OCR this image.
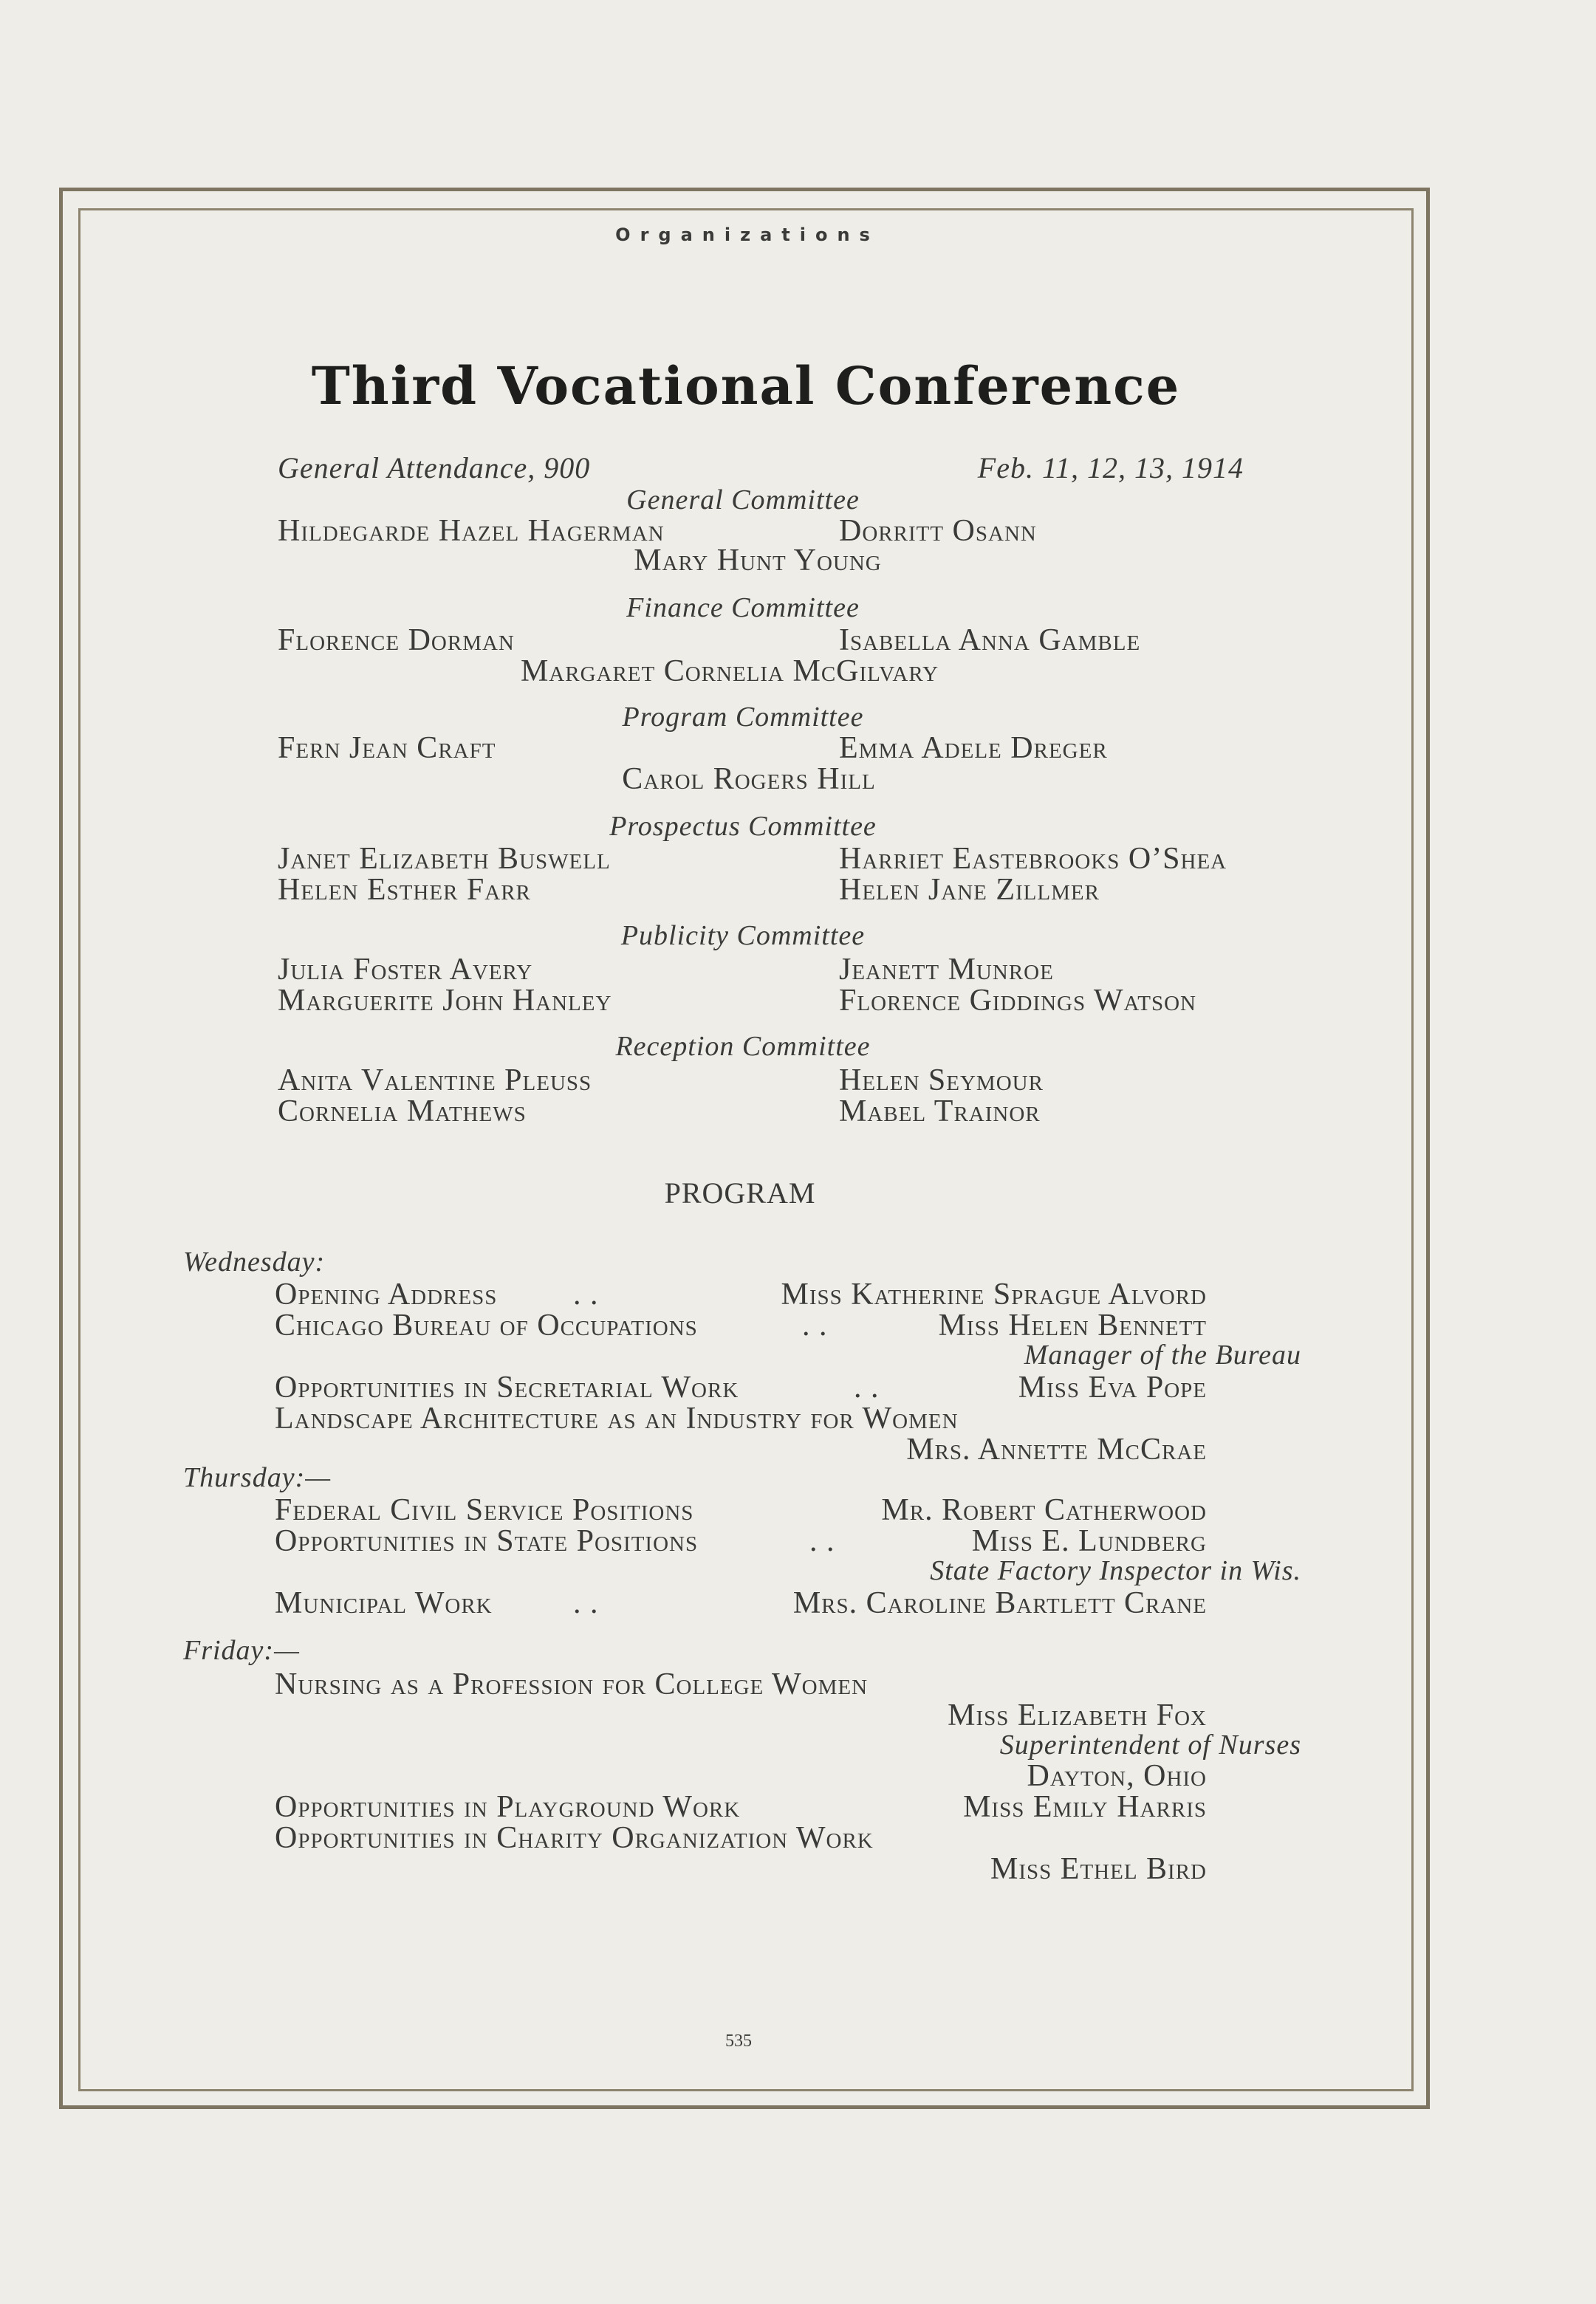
Organizations
Third Vocational Conference
General Attendance, 900	Feb. 11, 12, 13, 1914
General Committee
Hildegarde Hazel Hagerman	Dorritt Osann
Mary Hunt Young
Finance Committee
Florence Dorman	Isabella Anna Gamble
Margaret Cornelia McGilvary
Program Committee
Fern Jean Craft	Emma Adele Dreger
Carol Rogers Hill
Prospectus Committee
Janet Elizabeth Buswell	Harriet Eastebrooks O’Shea
Helen Esther Farr	Helen Jane Zillmer
Publicity Committee
Julia Foster Avery	Jeanett Munroe
Marguerite John Hanley	Florence Giddings Watson
Reception Committee
Anita Valentine Pleuss	Helen Seymour
Cornelia Mathews	Mabel Trainor
PROGRAM
Wednesday:
Opening Address . .	Miss Katherine Sprague Alvord
Chicago Bureau of Occupations	. .	Miss Helen Bennett
Manager of the Bureau
Opportunities in Secretarial Work	. .	Miss Eva Pope
Landscape Architecture as an Industry for Women
Mrs. Annette McCrae
Thursday:—
Federal Civil Service Positions	Mr. Robert Catherwood
Opportunities in State Positions	. .	Miss E. Lundberg
State Factory Inspector in Wis.
Municipal Work	. .	Mrs. Caroline Bartlett Crane
Friday:—
Nursing as a Profession for College Women
Miss Elizabeth Fox
Superintendent of Nurses
Dayton, Ohio
Opportunities in Playground Work	Miss Emily Harris
Opportunities in Charity Organization Work
Miss Ethel Bird
535
